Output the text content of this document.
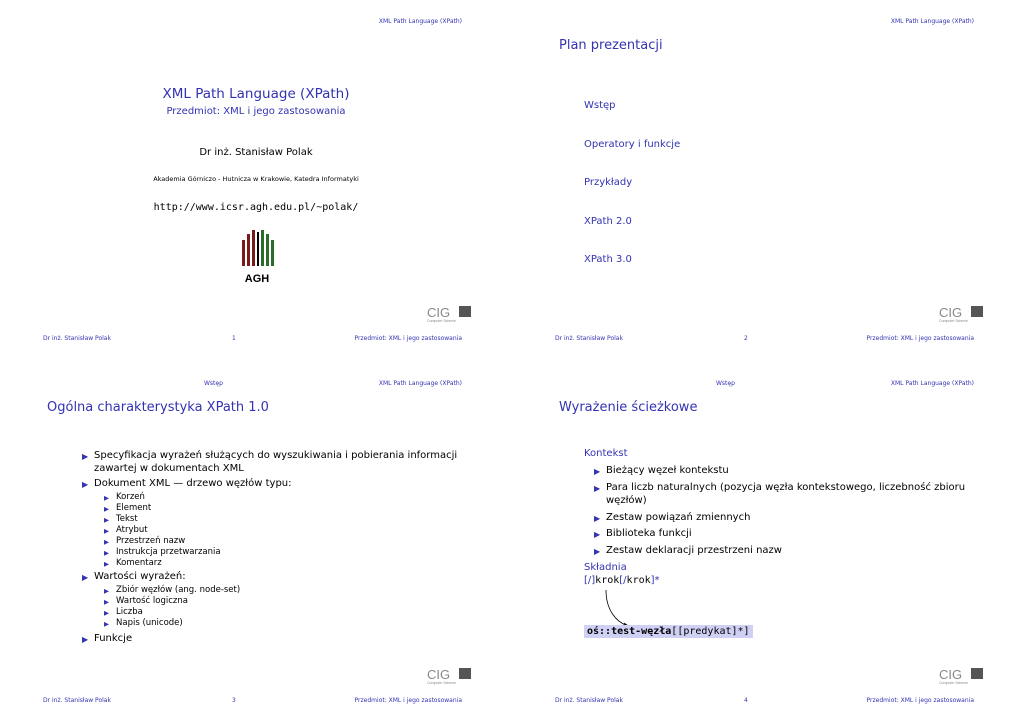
XML Path Language (XPath)
XML Path Language (XPath)
Przedmiot: XML i jego zastosowania
Dr inż. Stanisław Polak
Akademia Górniczo - Hutnicza w Krakowie, Katedra Informatyki
http://www.icsr.agh.edu.pl/~polak/
AGH
CIG
Computer Science
Dr inż. Stanisław Polak	1	Przedmiot: XML i jego zastosowania
XML Path Language (XPath)
Plan prezentacji
Wstęp
Operatory i funkcje
Przykłady
XPath 2.0
XPath 3.0
CIG
Computer Science
Dr inż. Stanisław Polak	2	Przedmiot: XML i jego zastosowania
Wstęp	XML Path Language (XPath)
Ogólna charakterystyka XPath 1.0
▶ Specyfikacja wyrażeń służących do wyszukiwania i pobierania informacji
zawartej w dokumentach XML
▶ Dokument XML — drzewo węzłów typu:
▶ Korzeń
▶ Element
▶ Tekst
▶ Atrybut
▶ Przestrzeń nazw
▶ Instrukcja przetwarzania
▶ Komentarz
▶ Wartości wyrażeń:
▶ Zbiór węzłów (ang. node-set)
▶ Wartość logiczna
▶ Liczba
▶ Napis (unicode)
▶ Funkcje
CIG
Computer Science
Dr inż. Stanisław Polak	3	Przedmiot: XML i jego zastosowania
Wstęp	XML Path Language (XPath)
Wyrażenie ścieżkowe
Kontekst
▶ Bieżący węzeł kontekstu
▶ Para liczb naturalnych (pozycja węzła kontekstowego, liczebność zbioru
węzłów)
▶ Zestaw powiązań zmiennych
▶ Biblioteka funkcji
▶ Zestaw deklaracji przestrzeni nazw
Składnia
[/]krok[/krok]*
oś::test-węzła[[predykat]*]
CIG
Computer Science
Dr inż. Stanisław Polak	4	Przedmiot: XML i jego zastosowania
